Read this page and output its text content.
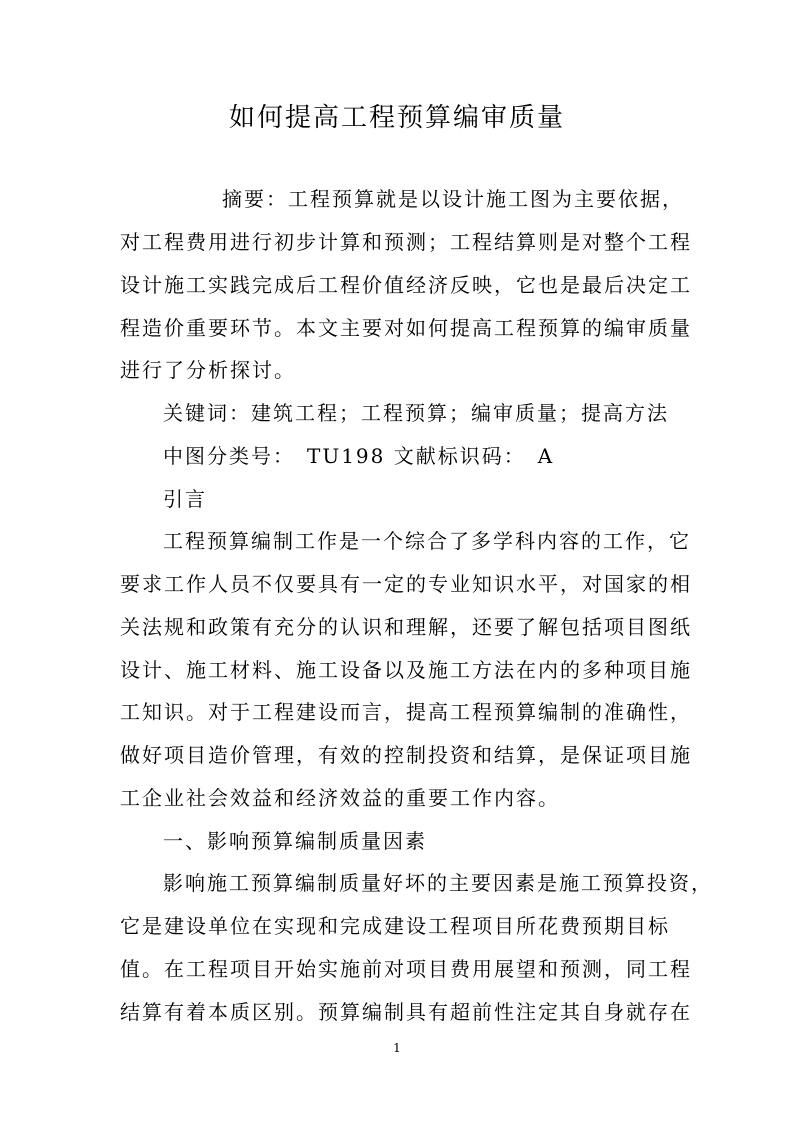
如何提高工程预算编审质量
摘要：工程预算就是以设计施工图为主要依据，
对工程费用进行初步计算和预测；工程结算则是对整个工程
设计施工实践完成后工程价值经济反映，它也是最后决定工
程造价重要环节。本文主要对如何提高工程预算的编审质量
进行了分析探讨。
关键词：建筑工程；工程预算；编审质量；提高方法
中图分类号：　TU198 文献标识码：　A
引言
工程预算编制工作是一个综合了多学科内容的工作，它
要求工作人员不仅要具有一定的专业知识水平，对国家的相
关法规和政策有充分的认识和理解，还要了解包括项目图纸
设计、施工材料、施工设备以及施工方法在内的多种项目施
工知识。对于工程建设而言，提高工程预算编制的准确性，
做好项目造价管理，有效的控制投资和结算，是保证项目施
工企业社会效益和经济效益的重要工作内容。
一、影响预算编制质量因素
影响施工预算编制质量好坏的主要因素是施工预算投资，
它是建设单位在实现和完成建设工程项目所花费预期目标
值。在工程项目开始实施前对项目费用展望和预测，同工程
结算有着本质区别。预算编制具有超前性注定其自身就存在
1
